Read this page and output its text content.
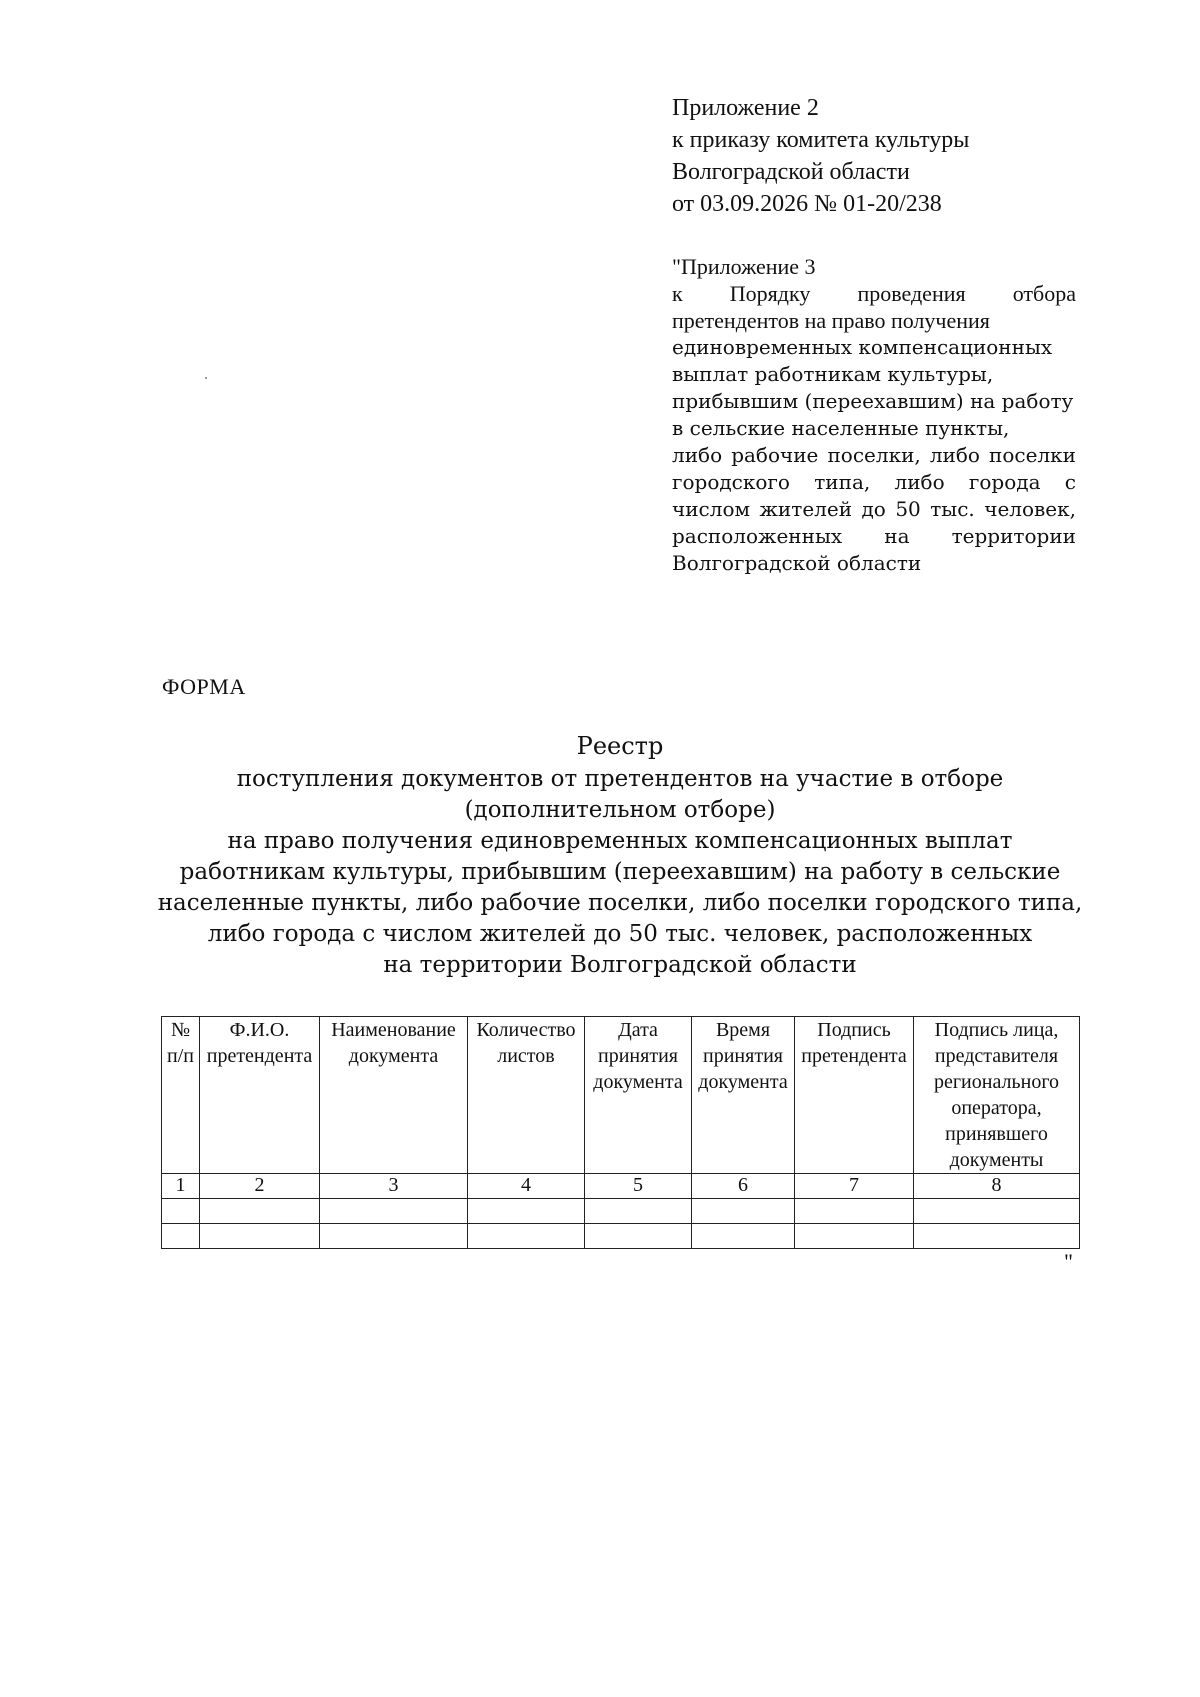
Приложение 2
к приказу комитета культуры
Волгоградской области
от 03.09.2026 № 01-20/238
"Приложение 3
к Порядку проведения отбора
претендентов на право получения
единовременных компенсационных
выплат работникам культуры,
прибывшим (переехавшим) на работу
в сельские населенные пункты,
либо рабочие поселки, либо поселки
городского типа, либо города с
числом жителей до 50 тыс. человек,
расположенных на территории
Волгоградской области
ФОРМА
Реестр
поступления документов от претендентов на участие в отборе
(дополнительном отборе)
на право получения единовременных компенсационных выплат
работникам культуры, прибывшим (переехавшим) на работу в сельские
населенные пункты, либо рабочие поселки, либо поселки городского типа,
либо города с числом жителей до 50 тыс. человек, расположенных
на территории Волгоградской области
№ п/п	Ф.И.О. претендента	Наименование документа	Количество листов	Дата принятия документа	Время принятия документа	Подпись претендента	Подпись лица, представителя регионального оператора, принявшего документы
1	2	3	4	5	6	7	8

"
